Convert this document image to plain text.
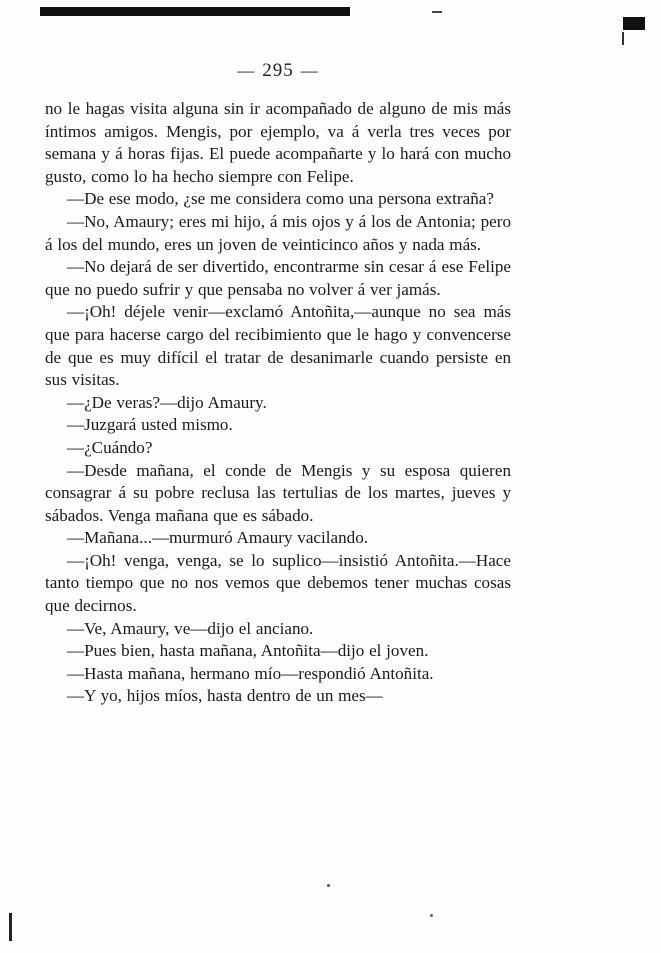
— 295 —

no le hagas visita alguna sin ir acompañado de alguno de mis más íntimos amigos. Mengis, por ejemplo, va á verla tres veces por semana y á horas fijas. El puede acompañarte y lo hará con mucho gusto, como lo ha hecho siempre con Felipe.

—De ese modo, ¿se me considera como una persona extraña?

—No, Amaury; eres mi hijo, á mis ojos y á los de Antonia; pero á los del mundo, eres un joven de veinticinco años y nada más.

—No dejará de ser divertido, encontrarme sin cesar á ese Felipe que no puedo sufrir y que pensaba no volver á ver jamás.

—¡Oh! déjele venir—exclamó Antoñita,—aunque no sea más que para hacerse cargo del recibimiento que le hago y convencerse de que es muy difícil el tratar de desanimarle cuando persiste en sus visitas.

—¿De veras?—dijo Amaury.

—Juzgará usted mismo.

—¿Cuándo?

—Desde mañana, el conde de Mengis y su esposa quieren consagrar á su pobre reclusa las tertulias de los martes, jueves y sábados. Venga mañana que es sábado.

—Mañana...—murmuró Amaury vacilando.

—¡Oh! venga, venga, se lo suplico—insistió Antoñita.—Hace tanto tiempo que no nos vemos que debemos tener muchas cosas que decirnos.

—Ve, Amaury, ve—dijo el anciano.

—Pues bien, hasta mañana, Antoñita—dijo el joven.

—Hasta mañana, hermano mío—respondió Antoñita.

—Y yo, hijos míos, hasta dentro de un mes—
